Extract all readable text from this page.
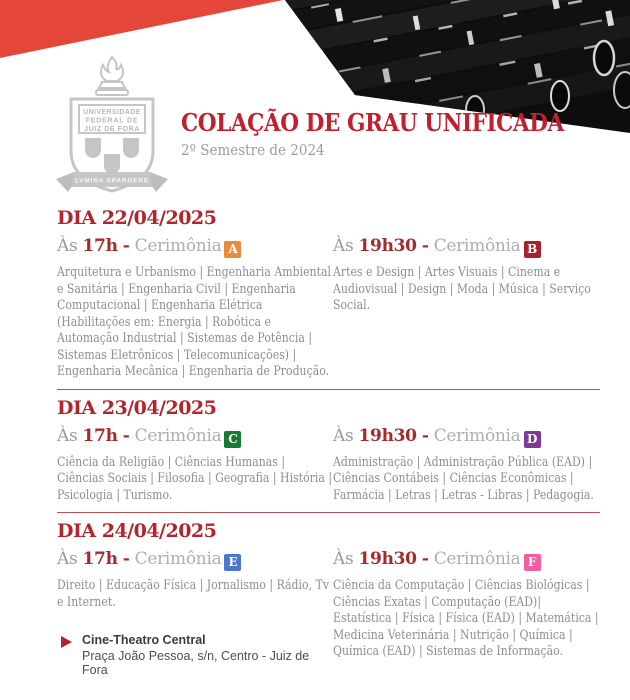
UNIVERSIDADE
FEDERAL DE
JUIZ DE FORA
LVMINA SPARGERE
COLAÇÃO DE GRAU UNIFICADA
2º Semestre de 2024
DIA 22/04/2025
Às 17h - Cerimônia A

Arquitetura e Urbanismo | Engenharia Ambiental e Sanitária | Engenharia Civil | Engenharia Computacional | Engenharia Elétrica (Habilitações em: Energia | Robótica e Automação Industrial | Sistemas de Potência | Sistemas Eletrônicos | Telecomunicações) | Engenharia Mecânica | Engenharia de Produção.

Às 19h30 - Cerimônia B

Artes e Design | Artes Visuais | Cinema e Audiovisual | Design | Moda | Música | Serviço Social.

DIA 23/04/2025
Às 17h - Cerimônia C

Ciência da Religião | Ciências Humanas | Ciências Sociais | Filosofia | Geografia | História | Psicologia | Turismo.

Às 19h30 - Cerimônia D

Administração | Administração Pública (EAD) | Ciências Contábeis | Ciências Econômicas | Farmácia | Letras | Letras - Libras | Pedagogia.

DIA 24/04/2025
Às 17h - Cerimônia E

Direito | Educação Física | Jornalismo | Rádio, Tv e Internet.

Cine-Theatro Central
Praça João Pessoa, s/n, Centro - Juiz de Fora
Às 19h30 - Cerimônia F

Ciência da Computação | Ciências Biológicas | Ciências Exatas | Computação (EAD)| Estatística | Física | Física (EAD) | Matemática | Medicina Veterinária | Nutrição | Química | Química (EAD) | Sistemas de Informação.
